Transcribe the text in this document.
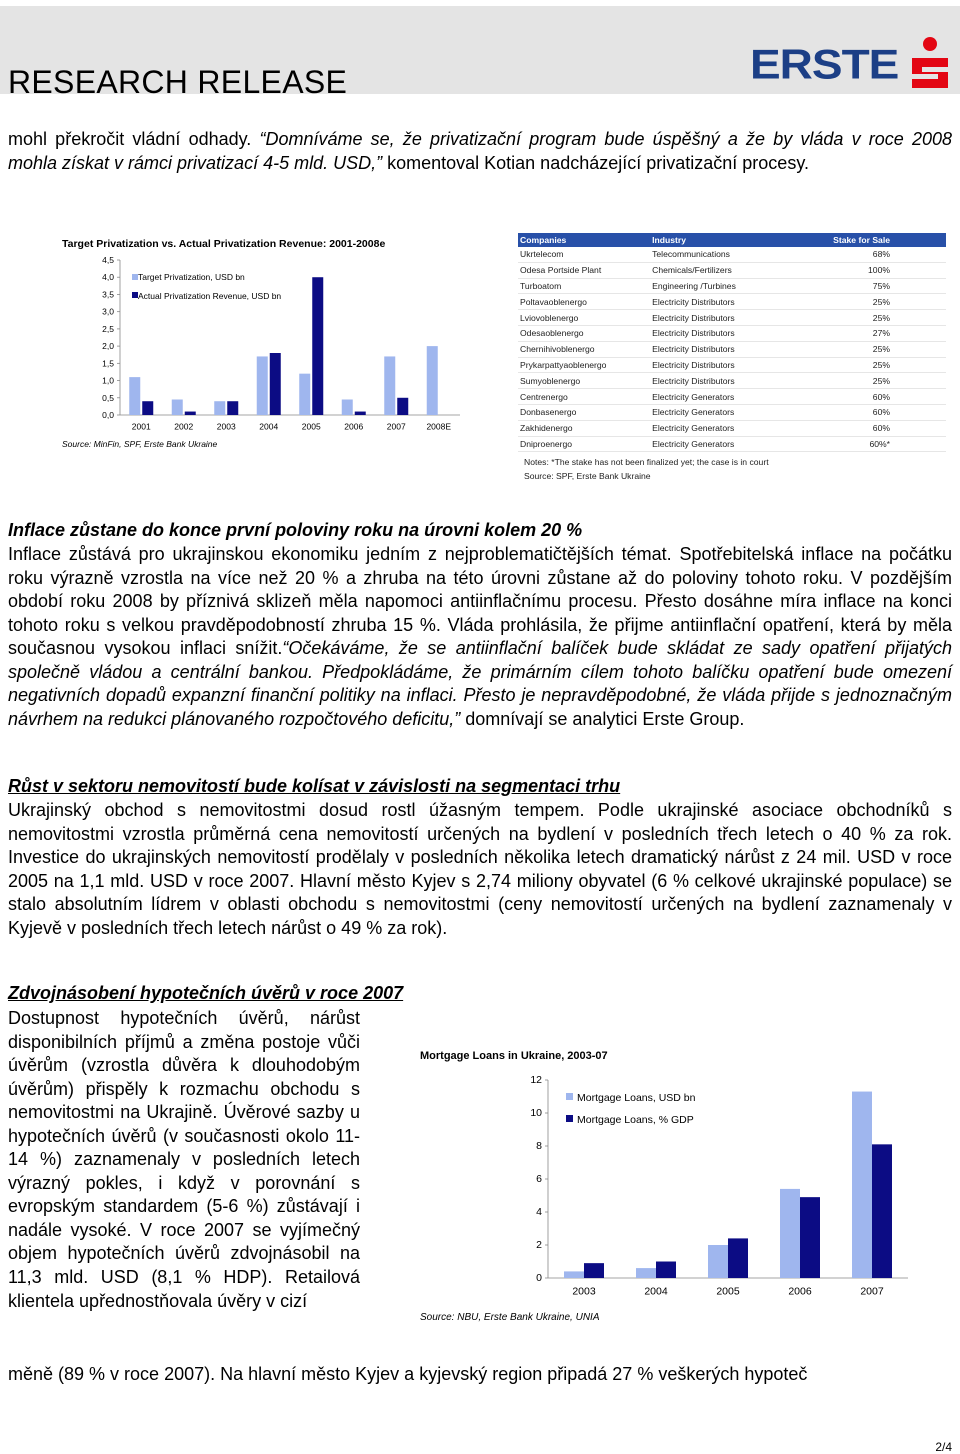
RESEARCH RELEASE	ERSTE

mohl překročit vládní odhady. “Domníváme se, že privatizační program bude úspěšný a že by vláda v roce 2008 mohla získat v rámci privatizací 4-5 mld. USD,” komentoval Kotian nadcházející privatizační procesy.

Target Privatization vs. Actual Privatization Revenue: 2001-2008e
0,0
0,5
1,0
1,5
2,0
2,5
3,0
3,5
4,0
4,5
2001	2002	2003	2004	2005	2006	2007 2008E
Target Privatization, USD bn
Actual Privatization Revenue, USD bn
Source: MinFin, SPF, Erste Bank Ukraine
Companies	Industry	Stake for Sale
Ukrtelecom	Telecommunications	68%
Odesa Portside Plant	Chemicals/Fertilizers	100%
Turboatom	Engineering /Turbines	75%
Poltavaoblenergo	Electricity Distributors	25%
Lviovoblenergo	Electricity Distributors	25%
Odesaoblenergo	Electricity Distributors	27%
Chernihivoblenergo	Electricity Distributors	25%
Prykarpattyaoblenergo	Electricity Distributors	25%
Sumyoblenergo	Electricity Distributors	25%
Centrenergo	Electricity Generators	60%
Donbasenergo	Electricity Generators	60%
Zakhidenergo	Electricity Generators	60%
Dniproenergo	Electricity Generators	60%*
Notes: *The stake has not been finalized yet; the case is in court
Source: SPF, Erste Bank Ukraine

Inflace zůstane do konce první poloviny roku na úrovni kolem 20 %

Inflace zůstává pro ukrajinskou ekonomiku jedním z nejproblematičtějších témat. Spotřebitelská inflace na počátku roku výrazně vzrostla na více než 20 % a zhruba na této úrovni zůstane až do poloviny tohoto roku. V pozdějším období roku 2008 by příznivá sklizeň měla napomoci antiinflačnímu procesu. Přesto dosáhne míra inflace na konci tohoto roku s velkou pravděpodobností zhruba 15 %. Vláda prohlásila, že přijme antiinflační opatření, která by měla současnou vysokou inflaci snížit.“Očekáváme, že se antiinflační balíček bude skládat ze sady opatření přijatých společně vládou a centrální bankou. Předpokládáme, že primárním cílem tohoto balíčku opatření bude omezení negativních dopadů expanzní finanční politiky na inflaci. Přesto je nepravděpodobné, že vláda přijde s jednoznačným návrhem na redukci plánovaného rozpočtového deficitu,” domnívají se analytici Erste Group.

Růst v sektoru nemovitostí bude kolísat v závislosti na segmentaci trhu

Ukrajinský obchod s nemovitostmi dosud rostl úžasným tempem. Podle ukrajinské asociace obchodníků s nemovitostmi vzrostla průměrná cena nemovitostí určených na bydlení v posledních třech letech o 40 % za rok. Investice do ukrajinských nemovitostí prodělaly v posledních několika letech dramatický nárůst z 24 mil. USD v roce 2005 na 1,1 mld. USD v roce 2007. Hlavní město Kyjev s 2,74 miliony obyvatel (6 % celkové ukrajinské populace) se stalo absolutním lídrem v oblasti obchodu s nemovitostmi (ceny nemovitostí určených na bydlení zaznamenaly v Kyjevě v posledních třech letech nárůst o 49 % za rok).

Zdvojnásobení hypotečních úvěrů v roce 2007

Dostupnost hypotečních úvěrů, nárůst disponibilních příjmů a změna postoje vůči úvěrům (vzrostla důvěra k dlouhodobým úvěrům) přispěly k rozmachu obchodu s nemovitostmi na Ukrajině. Úvěrové sazby u hypotečních úvěrů (v současnosti okolo 11-14 %) zaznamenaly v posledních letech výrazný pokles, i když v porovnání s evropským standardem (5-6 %) zůstávají i nadále vysoké. V roce 2007 se vyjímečný objem hypotečních úvěrů zdvojnásobil na 11,3 mld. USD (8,1 % HDP). Retailová klientela upřednostňovala úvěry v cizí

měně (89 % v roce 2007). Na hlavní město Kyjev a kyjevský region připadá 27 % veškerých hypoteč

Mortgage Loans in Ukraine, 2003-07
0
2
4
6
8
10
12
2003	2004	2005	2006	2007
Mortgage Loans, USD bn
Mortgage Loans, % GDP
Source: NBU, Erste Bank Ukraine, UNIA
2/4
